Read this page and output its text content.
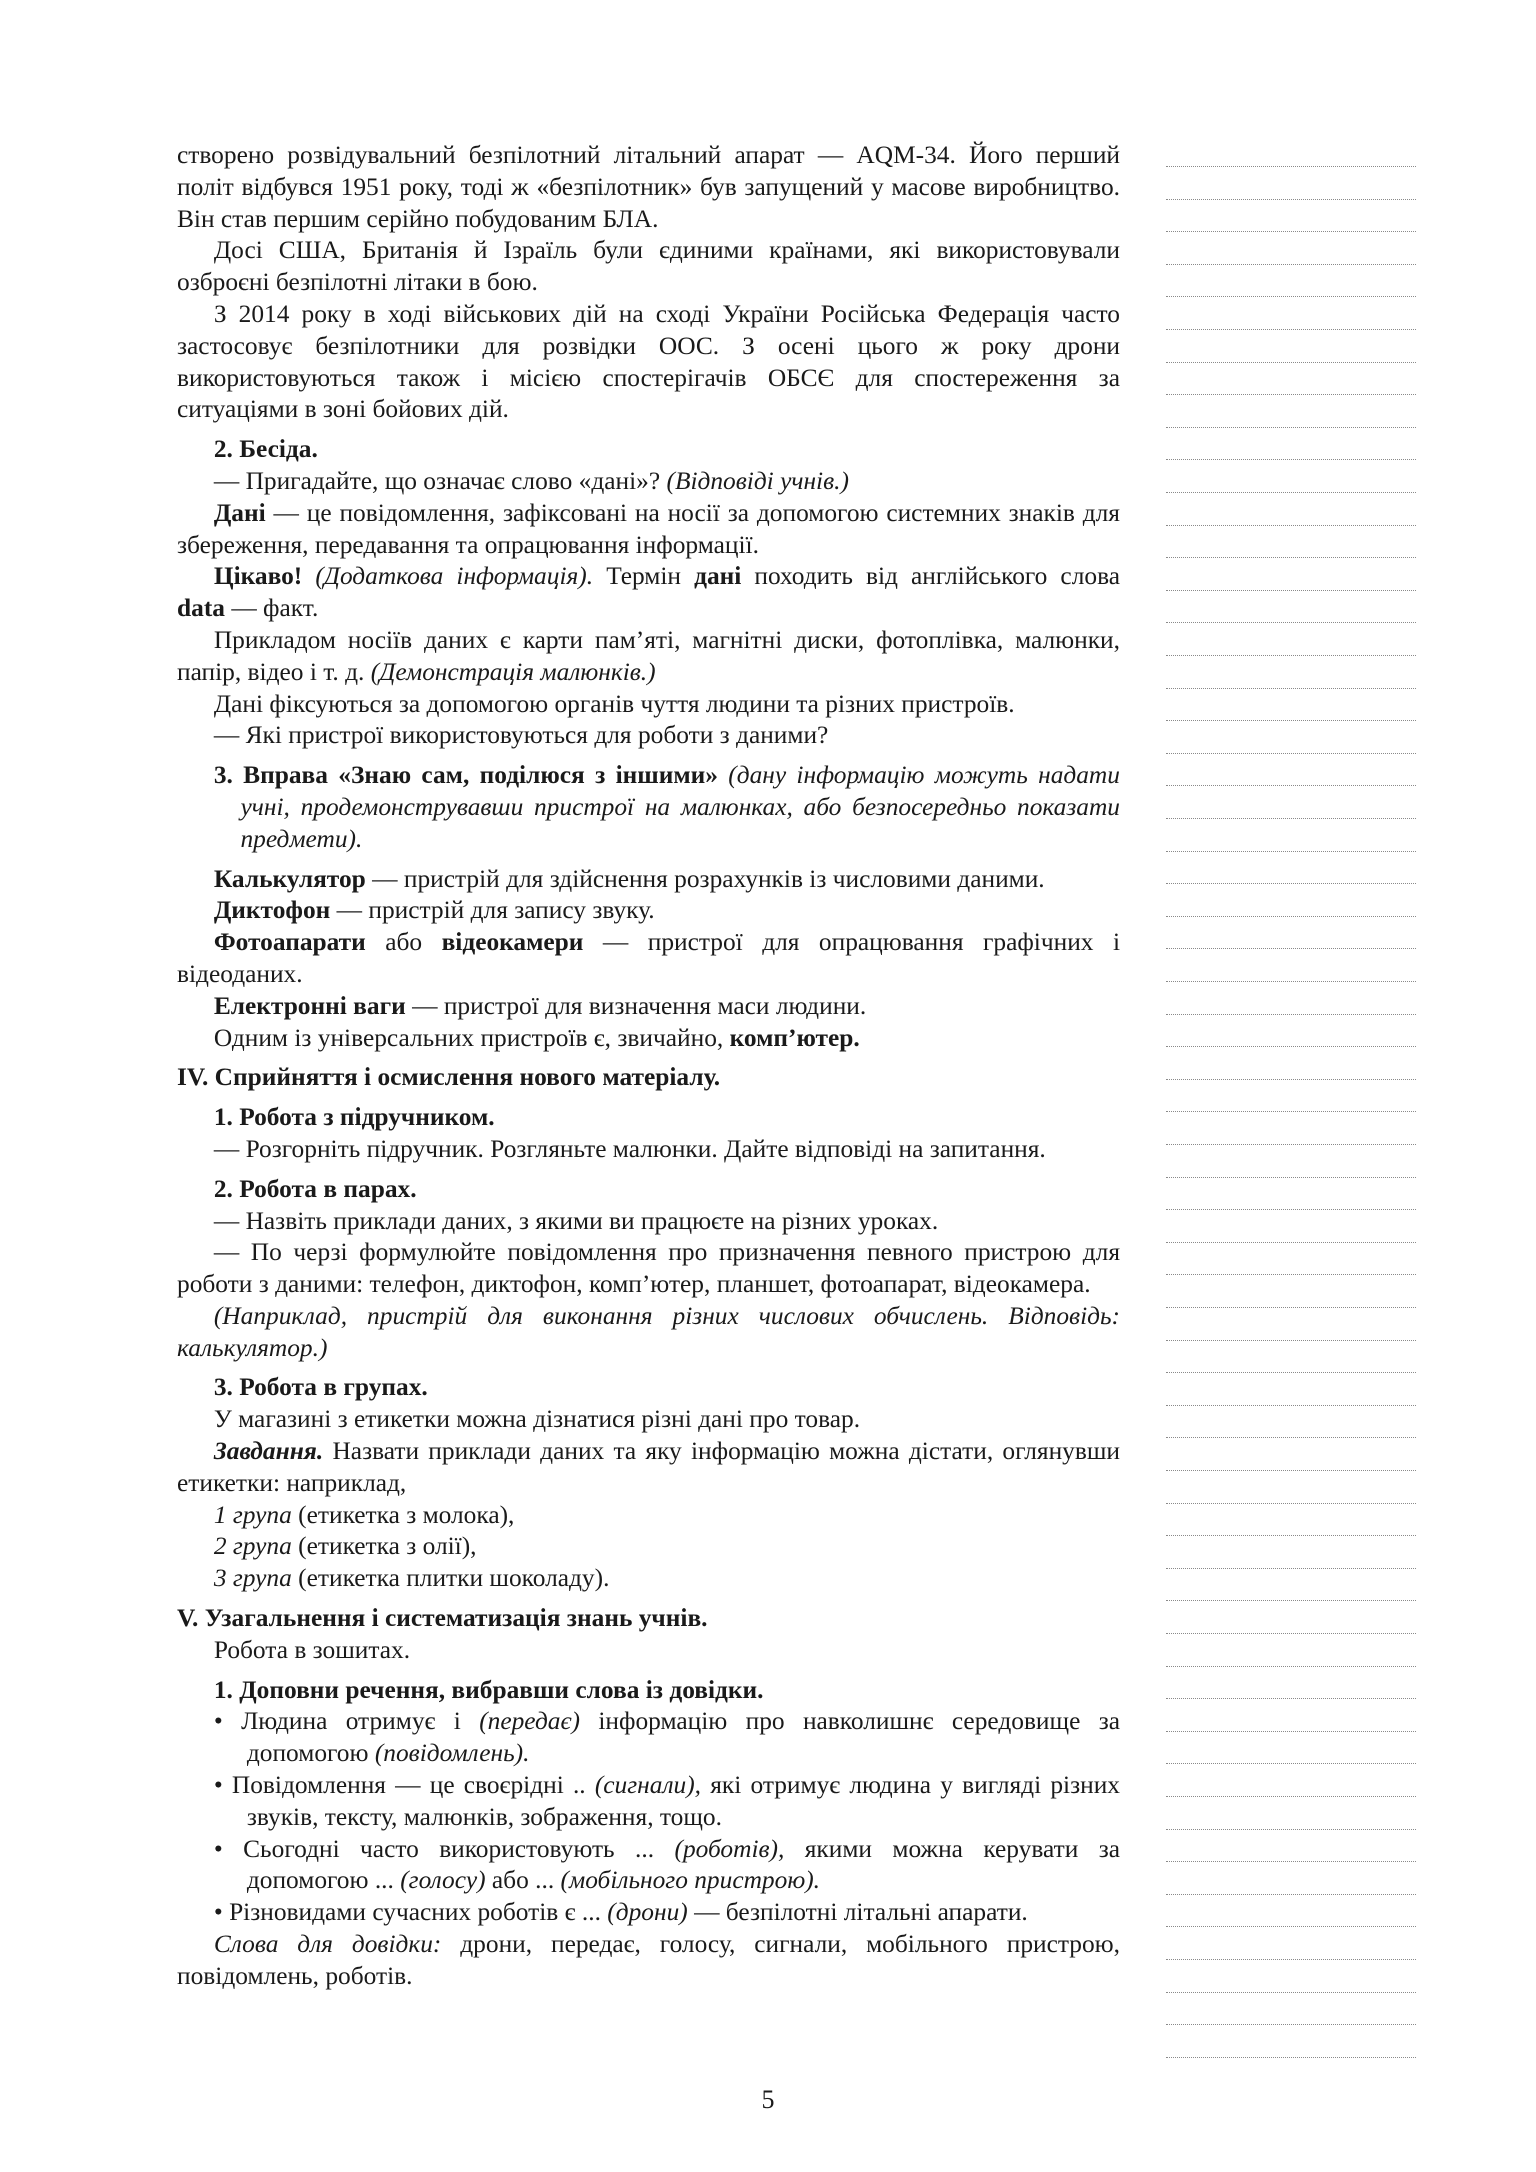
створено розвідувальний безпілотний літальний апарат — AQM-34. Його перший політ відбувся 1951 року, тоді ж «безпілотник» був запущений у масове виробництво. Він став першим серійно побудованим БЛА.

Досі США, Британія й Ізраїль були єдиними країнами, які використовували озброєні безпілотні літаки в бою.

З 2014 року в ході військових дій на сході України Російська Федерація часто застосовує безпілотники для розвідки ООС. З осені цього ж року дрони використовуються також і місією спостерігачів ОБСЄ для спостереження за ситуаціями в зоні бойових дій.

2. Бесіда.

— Пригадайте, що означає слово «дані»? (Відповіді учнів.)

Дані — це повідомлення, зафіксовані на носії за допомогою системних знаків для збереження, передавання та опрацювання інформації.

Цікаво! (Додаткова інформація). Термін дані походить від англійського слова data — факт.

Прикладом носіїв даних є карти пам’яті, магнітні диски, фотоплівка, малюнки, папір, відео і т. д. (Демонстрація малюнків.)

Дані фіксуються за допомогою органів чуття людини та різних пристроїв.

— Які пристрої використовуються для роботи з даними?

3. Вправа «Знаю сам, поділюся з іншими» (дану інформацію можуть надати учні, продемонструвавши пристрої на малюнках, або безпосередньо показати предмети).

Калькулятор — пристрій для здійснення розрахунків із числовими даними.

Диктофон — пристрій для запису звуку.

Фотоапарати або відеокамери — пристрої для опрацювання графічних і відеоданих.

Електронні ваги — пристрої для визначення маси людини.

Одним із універсальних пристроїв є, звичайно, комп’ютер.

IV. Сприйняття і осмислення нового матеріалу.

1. Робота з підручником.

— Розгорніть підручник. Розгляньте малюнки. Дайте відповіді на запитання.

2. Робота в парах.

— Назвіть приклади даних, з якими ви працюєте на різних уроках.

— По черзі формулюйте повідомлення про призначення певного пристрою для роботи з даними: телефон, диктофон, комп’ютер, планшет, фотоапарат, відеокамера.

(Наприклад, пристрій для виконання різних числових обчислень. Відповідь: калькулятор.)

3. Робота в групах.

У магазині з етикетки можна дізнатися різні дані про товар.

Завдання. Назвати приклади даних та яку інформацію можна дістати, оглянувши етикетки: наприклад,

1 група (етикетка з молока),

2 група (етикетка з олії),

3 група (етикетка плитки шоколаду).

V. Узагальнення і систематизація знань учнів.

Робота в зошитах.

1. Доповни речення, вибравши слова із довідки.

• Людина отримує і (передає) інформацію про навколишнє середовище за допомогою (повідомлень).
• Повідомлення — це своєрідні .. (сигнали), які отримує людина у вигляді різних звуків, тексту, малюнків, зображення, тощо.
• Сьогодні часто використовують ... (роботів), якими можна керувати за допомогою ... (голосу) або ... (мобільного пристрою).
• Різновидами сучасних роботів є ... (дрони) — безпілотні літальні апарати.

Слова для довідки: дрони, передає, голосу, сигнали, мобільного пристрою, повідомлень, роботів.

5
